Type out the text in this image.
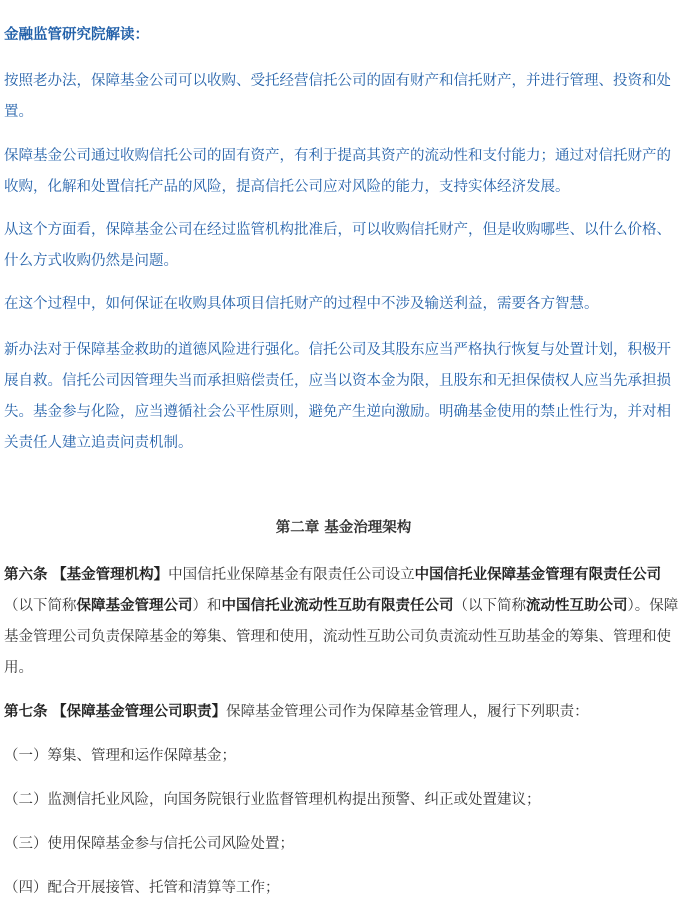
金融监管研究院解读：

按照老办法，保障基金公司可以收购、受托经营信托公司的固有财产和信托财产，并进行管理、投资和处置。

保障基金公司通过收购信托公司的固有资产，有利于提高其资产的流动性和支付能力；通过对信托财产的收购，化解和处置信托产品的风险，提高信托公司应对风险的能力，支持实体经济发展。

从这个方面看，保障基金公司在经过监管机构批准后，可以收购信托财产，但是收购哪些、以什么价格、什么方式收购仍然是问题。

在这个过程中，如何保证在收购具体项目信托财产的过程中不涉及输送利益，需要各方智慧。

新办法对于保障基金救助的道德风险进行强化。信托公司及其股东应当严格执行恢复与处置计划，积极开展自救。信托公司因管理失当而承担赔偿责任，应当以资本金为限，且股东和无担保债权人应当先承担损失。基金参与化险，应当遵循社会公平性原则，避免产生逆向激励。明确基金使用的禁止性行为，并对相关责任人建立追责问责机制。

第二章 基金治理架构

第六条 【基金管理机构】中国信托业保障基金有限责任公司设立中国信托业保障基金管理有限责任公司（以下简称保障基金管理公司）和中国信托业流动性互助有限责任公司（以下简称流动性互助公司）。保障基金管理公司负责保障基金的筹集、管理和使用，流动性互助公司负责流动性互助基金的筹集、管理和使用。

第七条 【保障基金管理公司职责】保障基金管理公司作为保障基金管理人，履行下列职责：

（一）筹集、管理和运作保障基金；
（二）监测信托业风险，向国务院银行业监督管理机构提出预警、纠正或处置建议；
（三）使用保障基金参与信托公司风险处置；
（四）配合开展接管、托管和清算等工作；
